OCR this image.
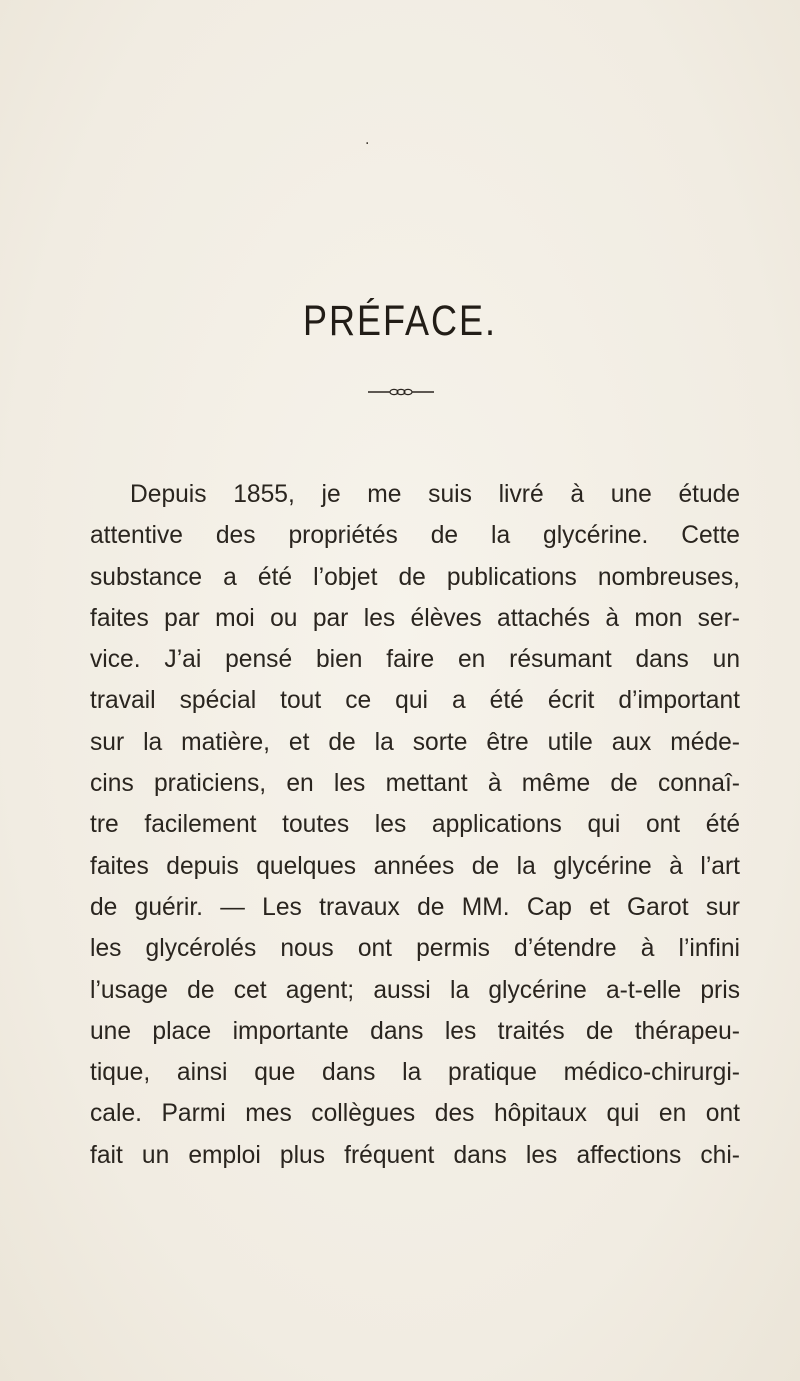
·
PRÉFACE.
Depuis 1855, je me suis livré à une étude
attentive des propriétés de la glycérine. Cette
substance a été l’objet de publications nombreuses,
faites par moi ou par les élèves attachés à mon ser-
vice. J’ai pensé bien faire en résumant dans un
travail spécial tout ce qui a été écrit d’important
sur la matière, et de la sorte être utile aux méde-
cins praticiens, en les mettant à même de connaî-
tre facilement toutes les applications qui ont été
faites depuis quelques années de la glycérine à l’art
de guérir. — Les travaux de MM. Cap et Garot sur
les glycérolés nous ont permis d’étendre à l’infini
l’usage de cet agent; aussi la glycérine a-t-elle pris
une place importante dans les traités de thérapeu-
tique, ainsi que dans la pratique médico-chirurgi-
cale. Parmi mes collègues des hôpitaux qui en ont
fait un emploi plus fréquent dans les affections chi-
